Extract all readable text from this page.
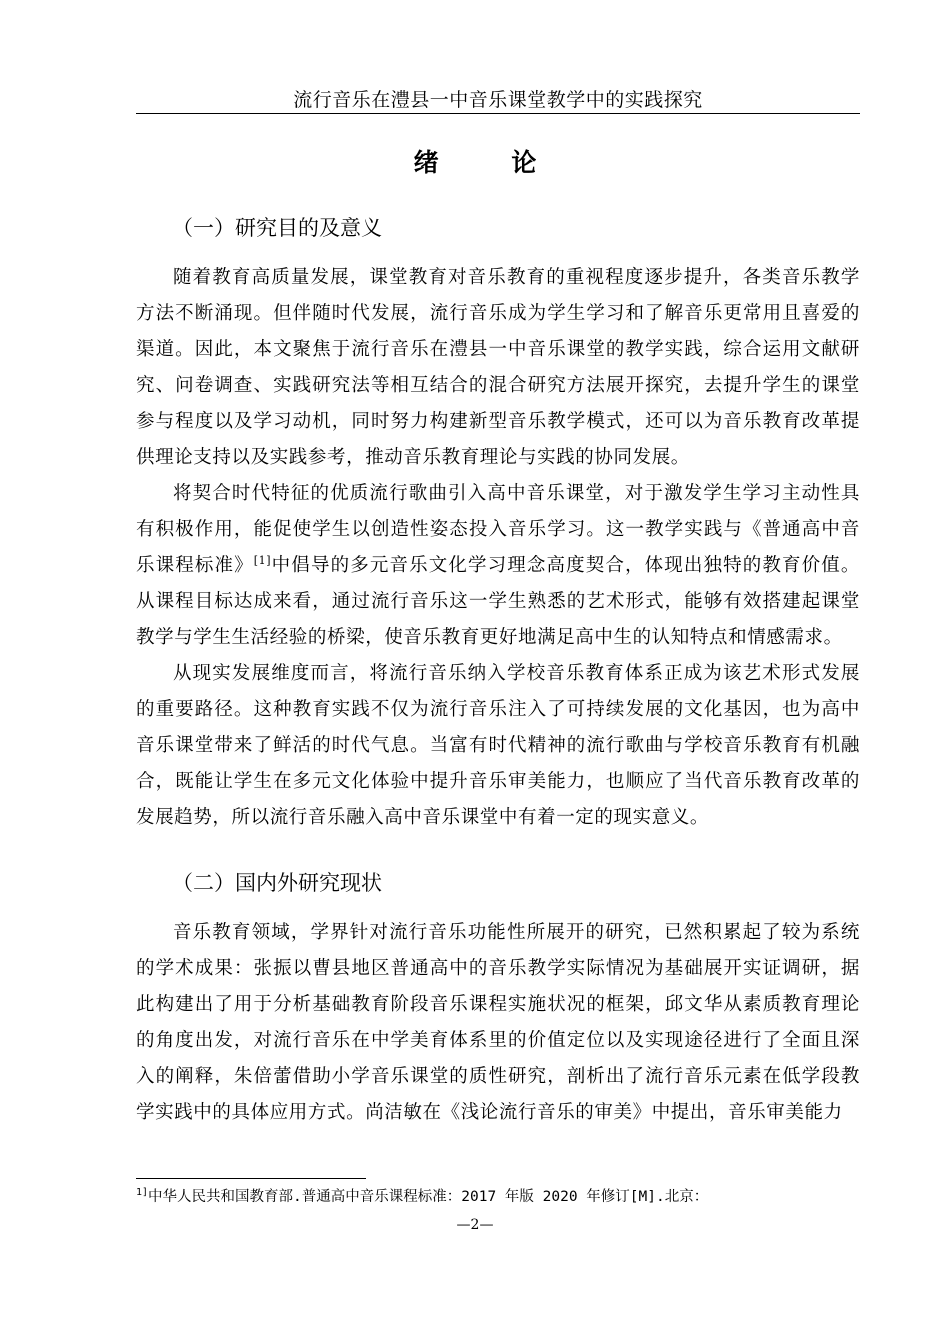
流行音乐在澧县一中音乐课堂教学中的实践探究
绪 论
（一）研究目的及意义

随着教育高质量发展，课堂教育对音乐教育的重视程度逐步提升，各类音乐教学方法不断涌现。但伴随时代发展，流行音乐成为学生学习和了解音乐更常用且喜爱的渠道。因此，本文聚焦于流行音乐在澧县一中音乐课堂的教学实践，综合运用文献研究、问卷调查、实践研究法等相互结合的混合研究方法展开探究，去提升学生的课堂参与程度以及学习动机，同时努力构建新型音乐教学模式，还可以为音乐教育改革提供理论支持以及实践参考，推动音乐教育理论与实践的协同发展。

将契合时代特征的优质流行歌曲引入高中音乐课堂，对于激发学生学习主动性具有积极作用，能促使学生以创造性姿态投入音乐学习。这一教学实践与《普通高中音乐课程标准》[1]中倡导的多元音乐文化学习理念高度契合，体现出独特的教育价值。从课程目标达成来看，通过流行音乐这一学生熟悉的艺术形式，能够有效搭建起课堂教学与学生生活经验的桥梁，使音乐教育更好地满足高中生的认知特点和情感需求。

从现实发展维度而言，将流行音乐纳入学校音乐教育体系正成为该艺术形式发展的重要路径。这种教育实践不仅为流行音乐注入了可持续发展的文化基因，也为高中音乐课堂带来了鲜活的时代气息。当富有时代精神的流行歌曲与学校音乐教育有机融合，既能让学生在多元文化体验中提升音乐审美能力，也顺应了当代音乐教育改革的发展趋势，所以流行音乐融入高中音乐课堂中有着一定的现实意义。

（二）国内外研究现状

音乐教育领域，学界针对流行音乐功能性所展开的研究，已然积累起了较为系统的学术成果：张振以曹县地区普通高中的音乐教学实际情况为基础展开实证调研，据此构建出了用于分析基础教育阶段音乐课程实施状况的框架，邱文华从素质教育理论的角度出发，对流行音乐在中学美育体系里的价值定位以及实现途径进行了全面且深入的阐释，朱倍蕾借助小学音乐课堂的质性研究，剖析出了流行音乐元素在低学段教学实践中的具体应用方式。尚洁敏在《浅论流行音乐的审美》中提出，音乐审美能力

$^{1]}$中华人民共和国教育部.普通高中音乐课程标准：2017 年版 2020 年修订[M].北京：
—2—
